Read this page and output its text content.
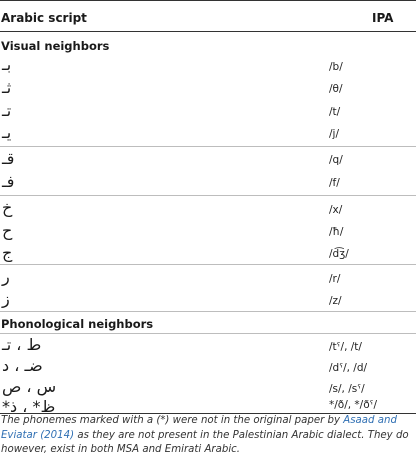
Arabic script	IPA
Visual neighbors
بـ	/b/
ثـ	/θ/
تـ	/t/
يـ	/j/
قـ	/q/
فـ	/f/
خ	/x/
ح	/ħ/
ج	/d͡ʒ/
ر	/r/
ز	/z/
Phonological neighbors
ط ، تـ	/tˤ/, /t/
ضـ ، د	/dˤ/, /d/
س ، ص	/s/, /sˤ/
ظ* ، ذ*	*/ð/, */ðˤ/
The phonemes marked with a (*) were not in the original paper by Asaad and Eviatar (2014) as they are not present in the Palestinian Arabic dialect. They do however, exist in both MSA and Emirati Arabic.
